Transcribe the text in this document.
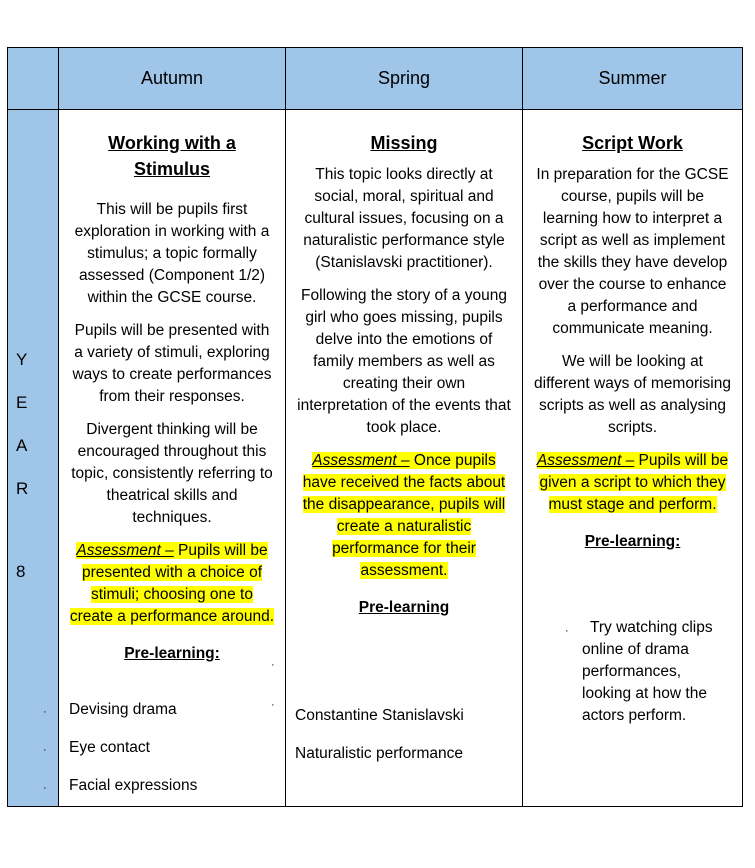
Autumn	Spring	Summer
Y
E
A
R
8
·
·
·
Working with a
Stimulus
This will be pupils first
exploration in working with a
stimulus; a topic formally
assessed (Component 1/2)
within the GCSE course.
Pupils will be presented with
a variety of stimuli, exploring
ways to create performances
from their responses.
Divergent thinking will be
encouraged throughout this
topic, consistently referring to
theatrical skills and
techniques.
Assessment – Pupils will be
presented with a choice of
stimuli; choosing one to
create a performance around.
Pre-learning:
Devising drama
Eye contact
Facial expressions
·
·
Missing
This topic looks directly at
social, moral, spiritual and
cultural issues, focusing on a
naturalistic performance style
(Stanislavski practitioner).
Following the story of a young
girl who goes missing, pupils
delve into the emotions of
family members as well as
creating their own
interpretation of the events that
took place.
Assessment – Once pupils
have received the facts about
the disappearance, pupils will
create a naturalistic
performance for their
assessment.
Pre-learning
Constantine Stanislavski
Naturalistic performance
Script Work
In preparation for the GCSE
course, pupils will be
learning how to interpret a
script as well as implement
the skills they have develop
over the course to enhance
a performance and
communicate meaning.
We will be looking at
different ways of memorising
scripts as well as analysing
scripts.
Assessment – Pupils will be
given a script to which they
must stage and perform.
Pre-learning:
· Try watching clips
online of drama
performances,
looking at how the
actors perform.
